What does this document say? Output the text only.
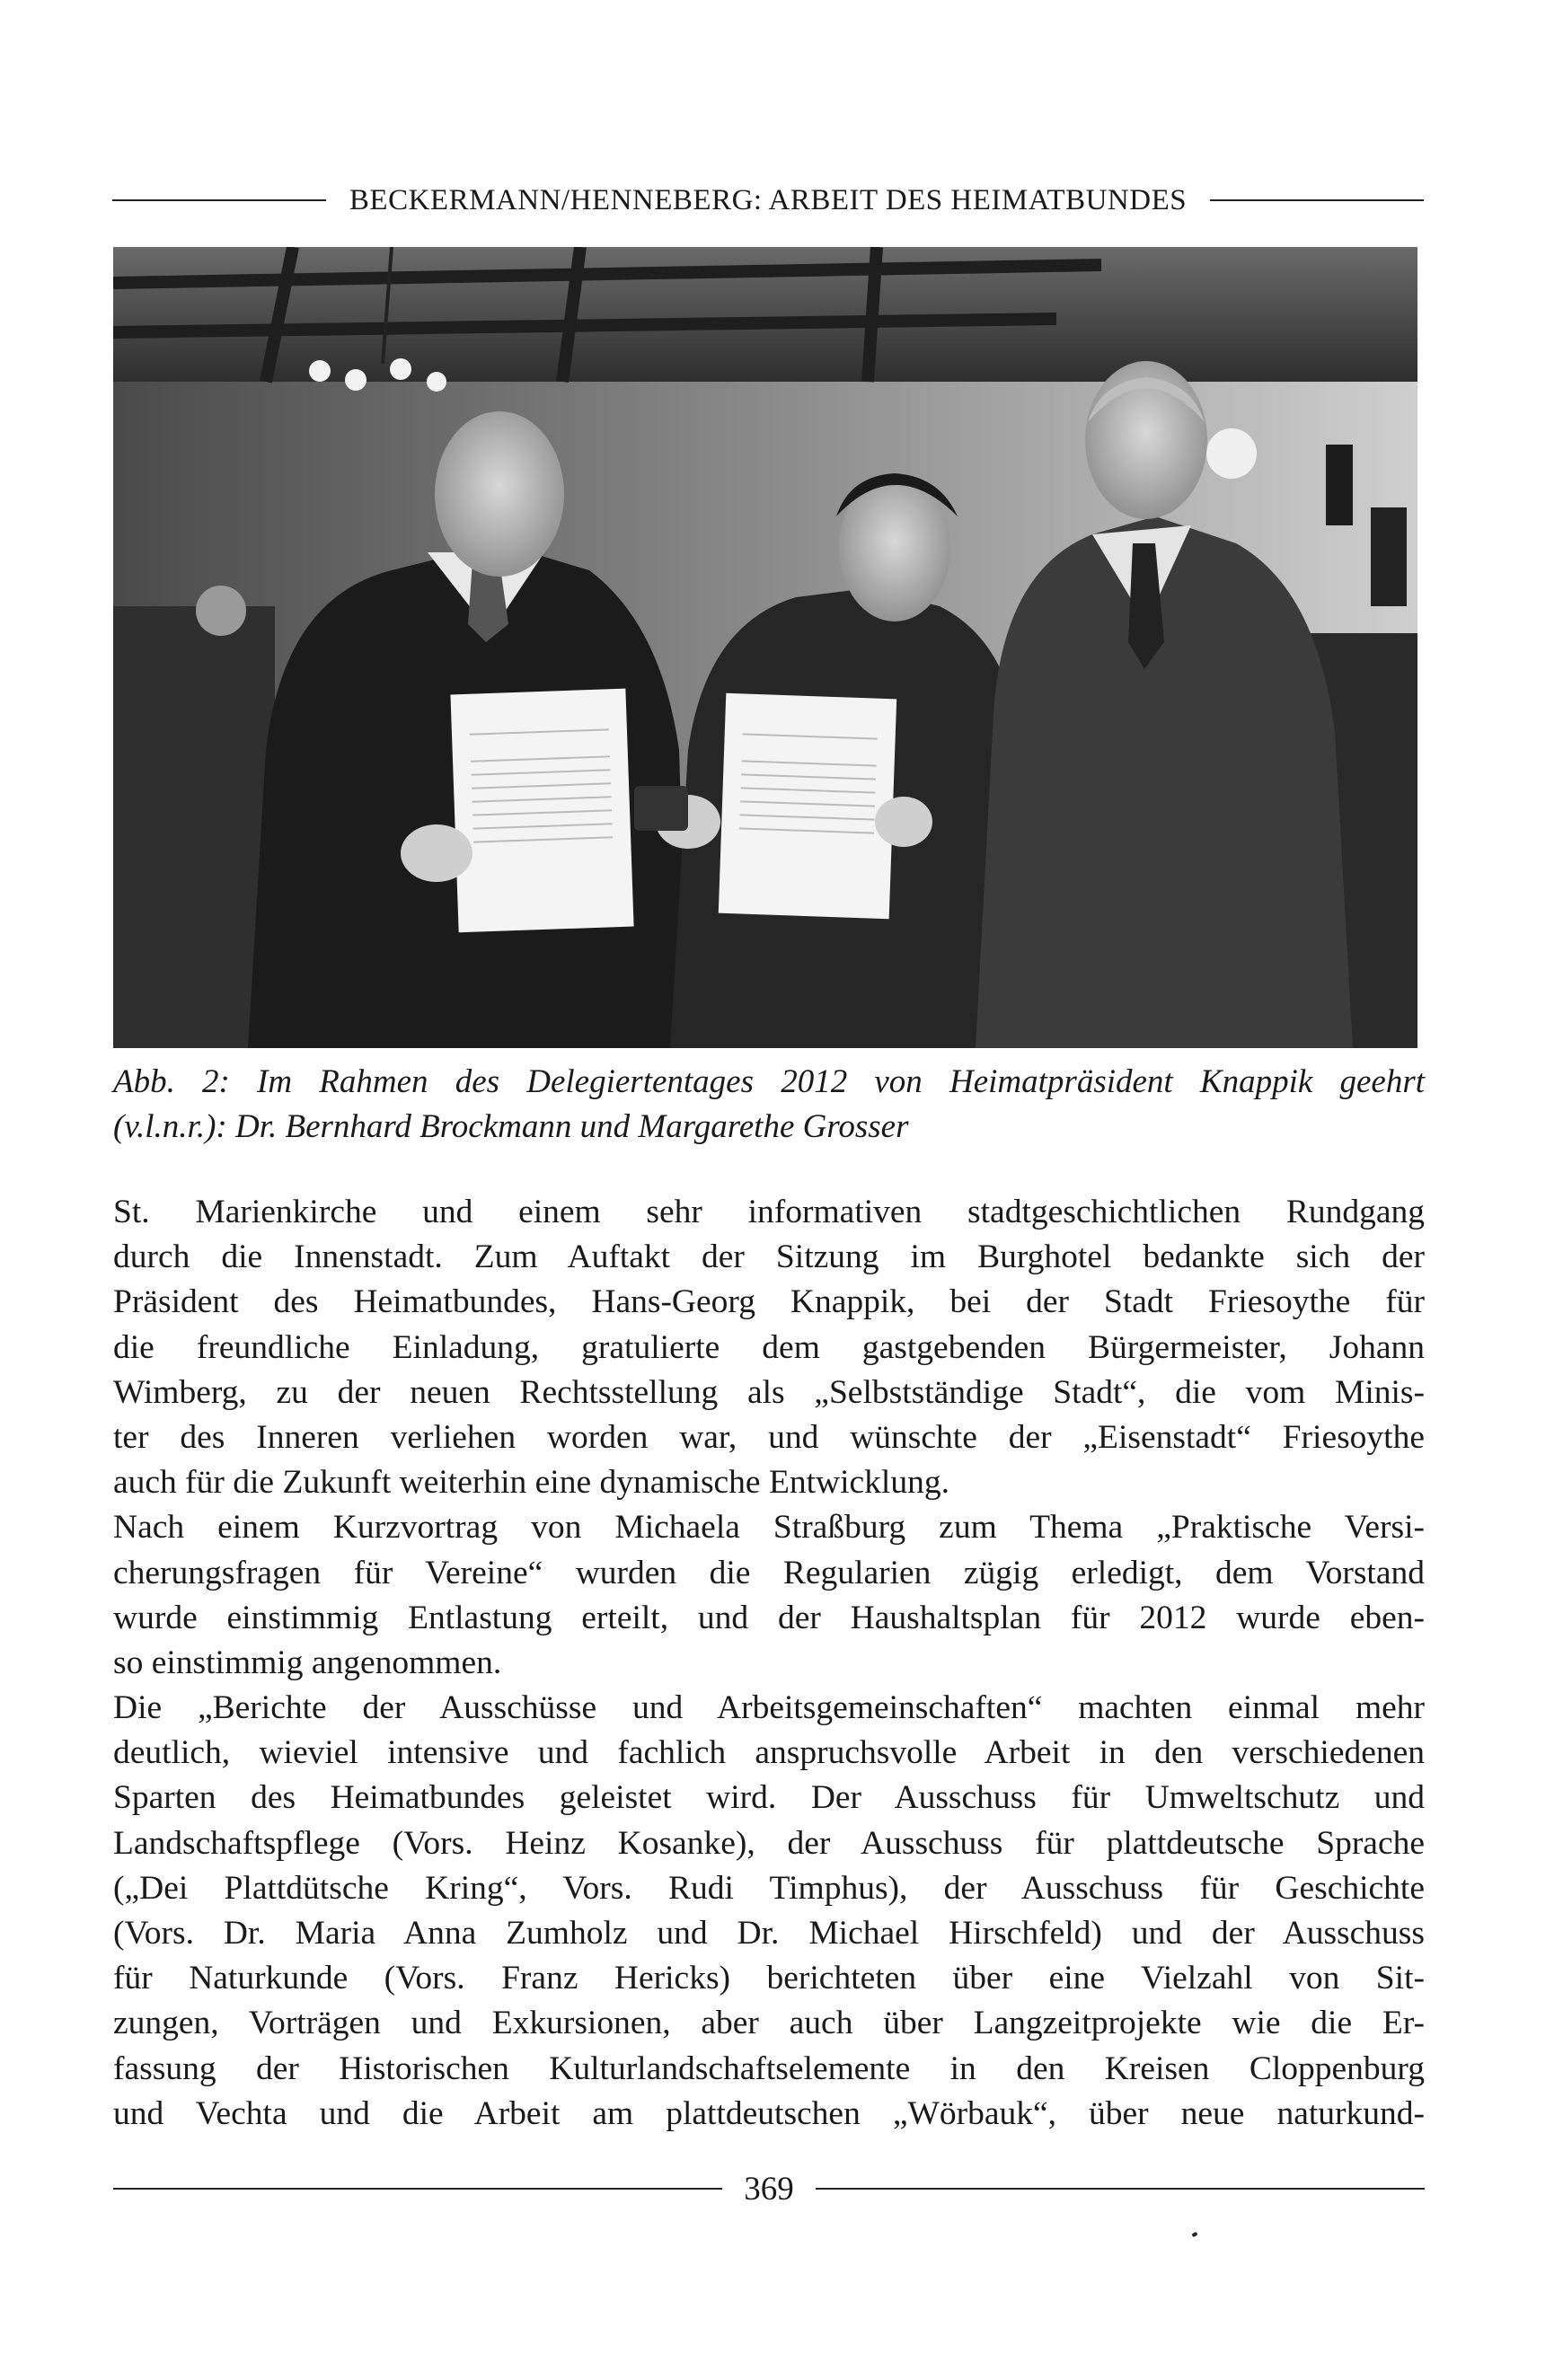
BECKERMANN/HENNEBERG: ARBEIT DES HEIMATBUNDES
Abb. 2: Im Rahmen des Delegiertentages 2012 von Heimatpräsident Knappik geehrt
(v.l.n.r.): Dr. Bernhard Brockmann und Margarethe Grosser
St. Marienkirche und einem sehr informativen stadtgeschichtlichen Rundgang
durch die Innenstadt. Zum Auftakt der Sitzung im Burghotel bedankte sich der
Präsident des Heimatbundes, Hans-Georg Knappik, bei der Stadt Friesoythe für
die freundliche Einladung, gratulierte dem gastgebenden Bürgermeister, Johann
Wimberg, zu der neuen Rechtsstellung als „Selbstständige Stadt“, die vom Minis-
ter des Inneren verliehen worden war, und wünschte der „Eisenstadt“ Friesoythe
auch für die Zukunft weiterhin eine dynamische Entwicklung.
Nach einem Kurzvortrag von Michaela Straßburg zum Thema „Praktische Versi-
cherungsfragen für Vereine“ wurden die Regularien zügig erledigt, dem Vorstand
wurde einstimmig Entlastung erteilt, und der Haushaltsplan für 2012 wurde eben-
so einstimmig angenommen.
Die „Berichte der Ausschüsse und Arbeitsgemeinschaften“ machten einmal mehr
deutlich, wieviel intensive und fachlich anspruchsvolle Arbeit in den verschiedenen
Sparten des Heimatbundes geleistet wird. Der Ausschuss für Umweltschutz und
Landschaftspflege (Vors. Heinz Kosanke), der Ausschuss für plattdeutsche Sprache
(„Dei Plattdütsche Kring“, Vors. Rudi Timphus), der Ausschuss für Geschichte
(Vors. Dr. Maria Anna Zumholz und Dr. Michael Hirschfeld) und der Ausschuss
für Naturkunde (Vors. Franz Hericks) berichteten über eine Vielzahl von Sit-
zungen, Vorträgen und Exkursionen, aber auch über Langzeitprojekte wie die Er-
fassung der Historischen Kulturlandschaftselemente in den Kreisen Cloppenburg
und Vechta und die Arbeit am plattdeutschen „Wörbauk“, über neue naturkund-
369
